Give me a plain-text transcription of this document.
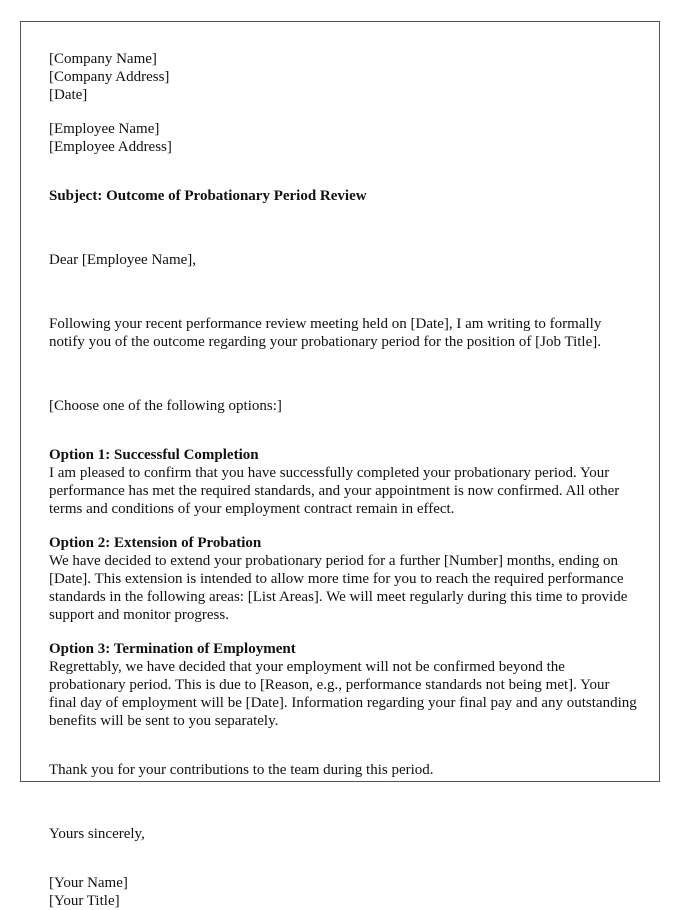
[Company Name]

[Company Address]

[Date]

[Employee Name]

[Employee Address]

Subject: Outcome of Probationary Period Review

Dear [Employee Name],

Following your recent performance review meeting held on [Date], I am writing to formally notify you of the outcome regarding your probationary period for the position of [Job Title].

[Choose one of the following options:]

Option 1: Successful Completion

I am pleased to confirm that you have successfully completed your probationary period. Your performance has met the required standards, and your appointment is now confirmed. All other terms and conditions of your employment contract remain in effect.

Option 2: Extension of Probation

We have decided to extend your probationary period for a further [Number] months, ending on [Date]. This extension is intended to allow more time for you to reach the required performance standards in the following areas: [List Areas]. We will meet regularly during this time to provide support and monitor progress.

Option 3: Termination of Employment

Regrettably, we have decided that your employment will not be confirmed beyond the probationary period. This is due to [Reason, e.g., performance standards not being met]. Your final day of employment will be [Date]. Information regarding your final pay and any outstanding benefits will be sent to you separately.

Thank you for your contributions to the team during this period.

Yours sincerely,

[Your Name]

[Your Title]
